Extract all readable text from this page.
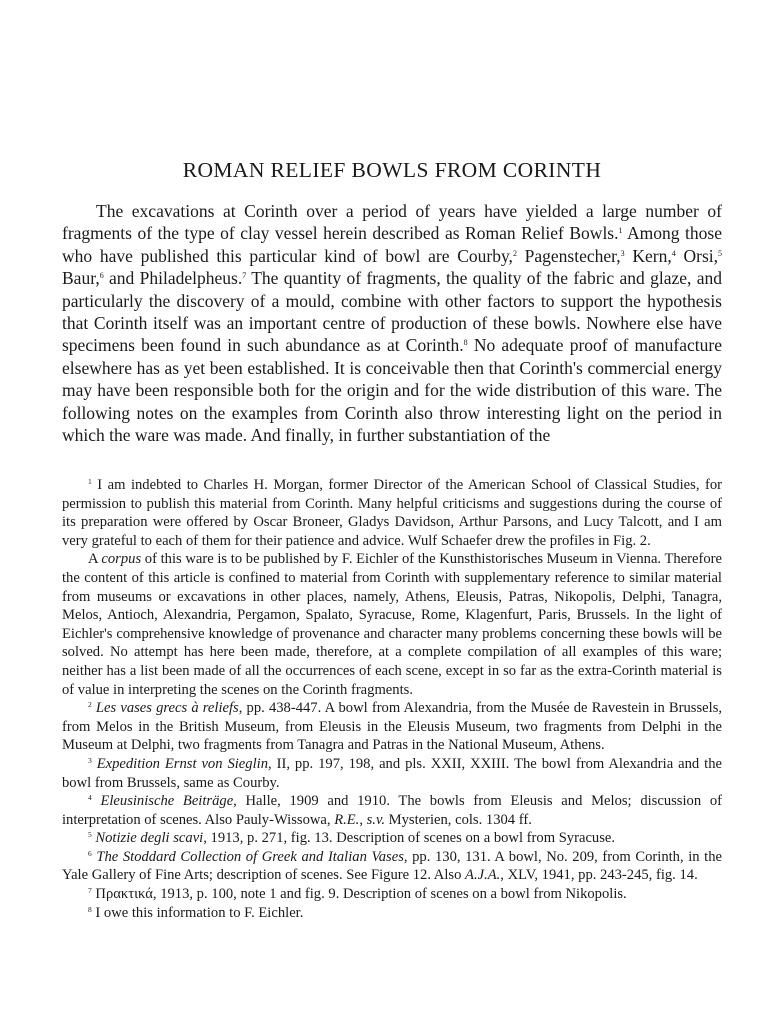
ROMAN RELIEF BOWLS FROM CORINTH

The excavations at Corinth over a period of years have yielded a large number of fragments of the type of clay vessel herein described as Roman Relief Bowls.$^1$ Among those who have published this particular kind of bowl are Courby,$^2$ Pagenstecher,$^3$ Kern,$^4$ Orsi,$^5$ Baur,$^6$ and Philadelpheus.$^7$ The quantity of fragments, the quality of the fabric and glaze, and particularly the discovery of a mould, combine with other factors to support the hypothesis that Corinth itself was an important centre of production of these bowls. Nowhere else have specimens been found in such abundance as at Corinth.$^8$ No adequate proof of manufacture elsewhere has as yet been established. It is conceivable then that Corinth's commercial energy may have been responsible both for the origin and for the wide distribution of this ware. The following notes on the examples from Corinth also throw interesting light on the period in which the ware was made. And finally, in further substantiation of the

$^1$ I am indebted to Charles H. Morgan, former Director of the American School of Classical Studies, for permission to publish this material from Corinth. Many helpful criticisms and suggestions during the course of its preparation were offered by Oscar Broneer, Gladys Davidson, Arthur Parsons, and Lucy Talcott, and I am very grateful to each of them for their patience and advice. Wulf Schaefer drew the profiles in Fig. 2.

A corpus of this ware is to be published by F. Eichler of the Kunsthistorisches Museum in Vienna. Therefore the content of this article is confined to material from Corinth with supplementary reference to similar material from museums or excavations in other places, namely, Athens, Eleusis, Patras, Nikopolis, Delphi, Tanagra, Melos, Antioch, Alexandria, Pergamon, Spalato, Syracuse, Rome, Klagenfurt, Paris, Brussels. In the light of Eichler's comprehensive knowledge of provenance and character many problems concerning these bowls will be solved. No attempt has here been made, therefore, at a complete compilation of all examples of this ware; neither has a list been made of all the occurrences of each scene, except in so far as the extra-Corinth material is of value in interpreting the scenes on the Corinth fragments.

$^2$ Les vases grecs à reliefs, pp. 438-447. A bowl from Alexandria, from the Musée de Ravestein in Brussels, from Melos in the British Museum, from Eleusis in the Eleusis Museum, two fragments from Delphi in the Museum at Delphi, two fragments from Tanagra and Patras in the National Museum, Athens.

$^3$ Expedition Ernst von Sieglin, II, pp. 197, 198, and pls. XXII, XXIII. The bowl from Alexandria and the bowl from Brussels, same as Courby.

$^4$ Eleusinische Beiträge, Halle, 1909 and 1910. The bowls from Eleusis and Melos; discussion of interpretation of scenes. Also Pauly-Wissowa, R.E., s.v. Mysterien, cols. 1304 ff.

$^5$ Notizie degli scavi, 1913, p. 271, fig. 13. Description of scenes on a bowl from Syracuse.

$^6$ The Stoddard Collection of Greek and Italian Vases, pp. 130, 131. A bowl, No. 209, from Corinth, in the Yale Gallery of Fine Arts; description of scenes. See Figure 12. Also A.J.A., XLV, 1941, pp. 243-245, fig. 14.

$^7$ Πρακτικά, 1913, p. 100, note 1 and fig. 9. Description of scenes on a bowl from Nikopolis.

$^8$ I owe this information to F. Eichler.
